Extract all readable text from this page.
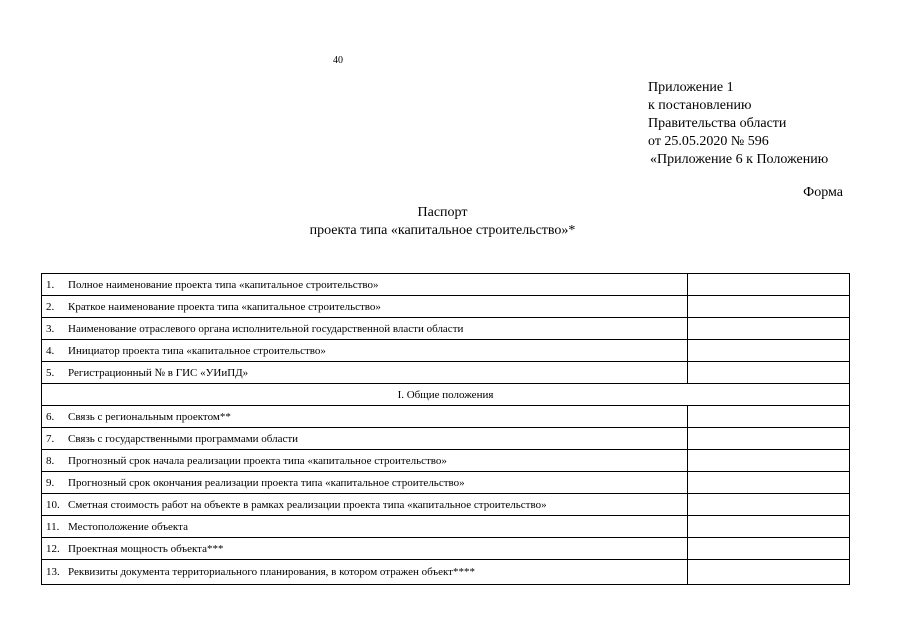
40
Приложение 1
к постановлению
Правительства области
от 25.05.2020 № 596
«Приложение 6 к Положению
Форма
Паспорт
проекта типа «капитальное строительство»*
1. Полное наименование проекта типа «капитальное строительство»	
2. Краткое наименование проекта типа «капитальное строительство»	
3. Наименование отраслевого органа исполнительной государственной власти области	
4. Инициатор проекта типа «капитальное строительство»	
5. Регистрационный № в ГИС «УИиПД»	
I. Общие положения	
6. Связь с региональным проектом**	
7. Связь с государственными программами области	
8. Прогнозный срок начала реализации проекта типа «капитальное строительство»	
9. Прогнозный срок окончания реализации проекта типа «капитальное строительство»	
10. Сметная стоимость работ на объекте в рамках реализации проекта типа «капитальное строительство»	
11. Местоположение объекта	
12. Проектная мощность объекта***	
13. Реквизиты документа территориального планирования, в котором отражен объект****	
